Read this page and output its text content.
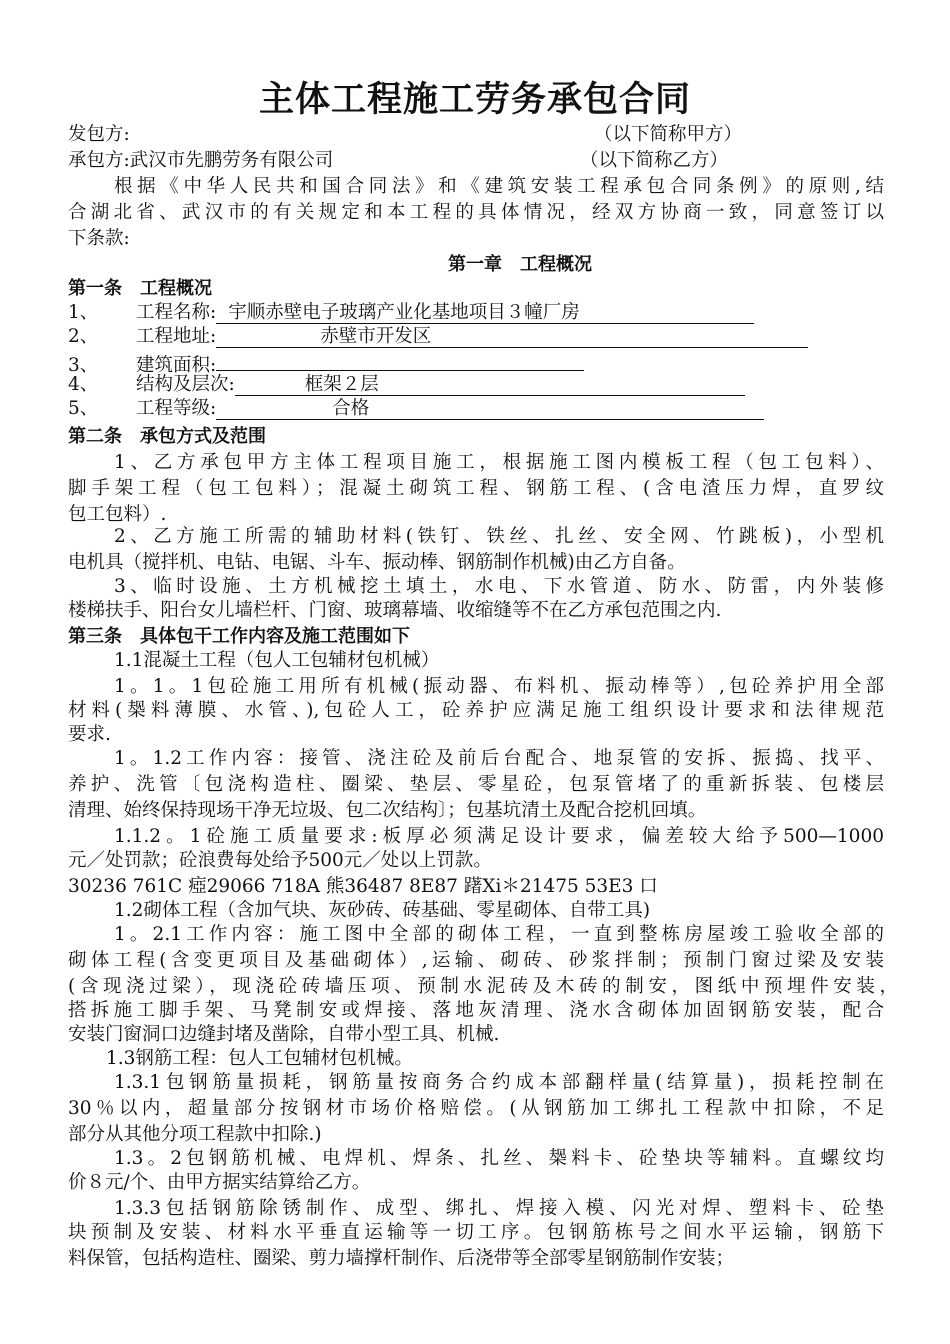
主体工程施工劳务承包合同
发包方:	（以下简称甲方）
承包方:武汉市先鹏劳务有限公司	（以下简称乙方）
根据《中华人民共和国合同法》和《建筑安装工程承包合同条例》的原则,结
合湖北省、武汉市的有关规定和本工程的具体情况，经双方协商一致，同意签订以
下条款:
第一章　工程概况
第一条　工程概况
1、 工程名称: 宇顺赤壁电子玻璃产业化基地项目３幢厂房
2、 工程地址:	赤壁市开发区
3、 建筑面积:
4、 结构及层次:	框架２层
5、 工程等级:	合格
第二条　承包方式及范围
1、乙方承包甲方主体工程项目施工，根据施工图内模板工程（包工包料）、
脚手架工程（包工包料）；混凝土砌筑工程、钢筋工程、(含电渣压力焊，直罗纹
包工包料）.
2、乙方施工所需的辅助材料(铁钉、铁丝、扎丝、安全网、竹跳板)，小型机
电机具（搅拌机、电钻、电锯、斗车、振动棒、钢筋制作机械)由乙方自备。
3、临时设施、土方机械挖土填土，水电、下水管道、防水、防雷，内外装修
楼梯扶手、阳台女儿墙栏杆、门窗、玻璃幕墙、收缩缝等不在乙方承包范围之内.
第三条　具体包干工作内容及施工范围如下
1.1混凝土工程（包人工包辅材包机械）
1。1。1包砼施工用所有机械(振动器、布料机、振动棒等）,包砼养护用全部
材料(椝料薄膜、水管、),包砼人工，砼养护应满足施工组织设计要求和法律规范
要求.
1。1.2工作内容：接管、浇注砼及前后台配合、地泵管的安拆、振捣、找平、
养护、洗管〔包浇构造柱、圈梁、垫层、零星砼，包泵管堵了的重新拆装、包楼层
清理、始终保持现场干净无垃圾、包二次结构〕；包基坑清土及配合挖机回填。
1.1.2。1砼施工质量要求:板厚必须满足设计要求，偏差较大给予500—1000
元／处罚款；砼浪费每处给予500元／处以上罚款。
30236 761C 瘂29066 718A 熊36487 8E87 躇Xi＊21475 53E3 口
1.2砌体工程（含加气块、灰砂砖、砖基础、零星砌体、自带工具)
1。2.1工作内容：施工图中全部的砌体工程，一直到整栋房屋竣工验收全部的
砌体工程(含变更项目及基础砌体）,运输、砌砖、砂浆拌制；预制门窗过梁及安装
(含现浇过梁），现浇砼砖墙压项、预制水泥砖及木砖的制安，图纸中预埋件安装，
搭拆施工脚手架、马凳制安或焊接、落地灰清理、浇水含砌体加固钢筋安装，配合
安装门窗洞口边缝封堵及凿除，自带小型工具、机械.
1.3钢筋工程：包人工包辅材包机械。
1.3.1包钢筋量损耗，钢筋量按商务合约成本部翻样量(结算量)，损耗控制在
30％以内，超量部分按钢材市场价格赔偿。(从钢筋加工绑扎工程款中扣除，不足
部分从其他分项工程款中扣除.)
1.3。2包钢筋机械、电焊机、焊条、扎丝、椝料卡、砼垫块等辅料。直螺纹均
价８元/个、由甲方据实结算给乙方。
1.3.3包括钢筋除锈制作、成型、绑扎、焊接入模、闪光对焊、塑料卡、砼垫
块预制及安装、材料水平垂直运输等一切工序。包钢筋栋号之间水平运输，钢筋下
料保管，包括构造柱、圈梁、剪力墙撑杆制作、后浇带等全部零星钢筋制作安装；
